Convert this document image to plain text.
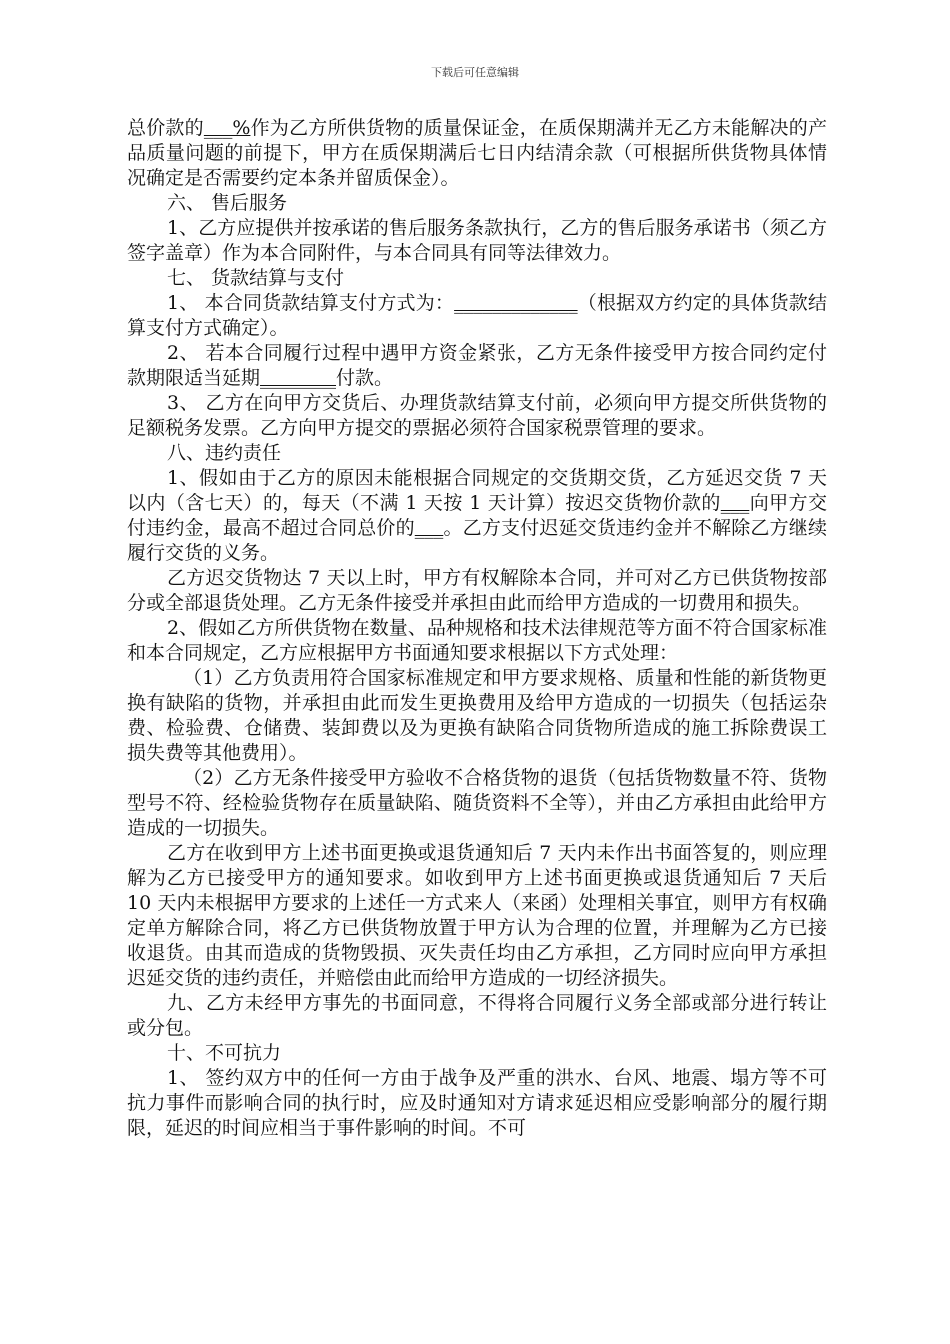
下载后可任意编辑

总价款的___%作为乙方所供货物的质量保证金，在质保期满并无乙方未能解决的产品质量问题的前提下，甲方在质保期满后七日内结清余款（可根据所供货物具体情况确定是否需要约定本条并留质保金）。

六、 售后服务

1、乙方应提供并按承诺的售后服务条款执行，乙方的售后服务承诺书（须乙方签字盖章）作为本合同附件，与本合同具有同等法律效力。

七、 货款结算与支付

1、 本合同货款结算支付方式为：_____________（根据双方约定的具体货款结算支付方式确定）。

2、 若本合同履行过程中遇甲方资金紧张，乙方无条件接受甲方按合同约定付款期限适当延期________付款。

3、 乙方在向甲方交货后、办理货款结算支付前，必须向甲方提交所供货物的足额税务发票。乙方向甲方提交的票据必须符合国家税票管理的要求。

八、违约责任

1、假如由于乙方的原因未能根据合同规定的交货期交货，乙方延迟交货 7 天以内（含七天）的，每天（不满 1 天按 1 天计算）按迟交货物价款的___向甲方交付违约金，最高不超过合同总价的___。乙方支付迟延交货违约金并不解除乙方继续履行交货的义务。

乙方迟交货物达 7 天以上时，甲方有权解除本合同，并可对乙方已供货物按部分或全部退货处理。乙方无条件接受并承担由此而给甲方造成的一切费用和损失。

2、假如乙方所供货物在数量、品种规格和技术法律规范等方面不符合国家标准和本合同规定，乙方应根据甲方书面通知要求根据以下方式处理：

（1）乙方负责用符合国家标准规定和甲方要求规格、质量和性能的新货物更换有缺陷的货物，并承担由此而发生更换费用及给甲方造成的一切损失（包括运杂费、检验费、仓储费、装卸费以及为更换有缺陷合同货物所造成的施工拆除费误工损失费等其他费用）。

（2）乙方无条件接受甲方验收不合格货物的退货（包括货物数量不符、货物型号不符、经检验货物存在质量缺陷、随货资料不全等），并由乙方承担由此给甲方造成的一切损失。

乙方在收到甲方上述书面更换或退货通知后 7 天内未作出书面答复的，则应理解为乙方已接受甲方的通知要求。如收到甲方上述书面更换或退货通知后 7 天后 10 天内未根据甲方要求的上述任一方式来人（来函）处理相关事宜，则甲方有权确定单方解除合同，将乙方已供货物放置于甲方认为合理的位置，并理解为乙方已接收退货。由其而造成的货物毁损、灭失责任均由乙方承担，乙方同时应向甲方承担迟延交货的违约责任，并赔偿由此而给甲方造成的一切经济损失。

九、乙方未经甲方事先的书面同意，不得将合同履行义务全部或部分进行转让或分包。

十、不可抗力

1、 签约双方中的任何一方由于战争及严重的洪水、台风、地震、塌方等不可抗力事件而影响合同的执行时，应及时通知对方请求延迟相应受影响部分的履行期限，延迟的时间应相当于事件影响的时间。不可
